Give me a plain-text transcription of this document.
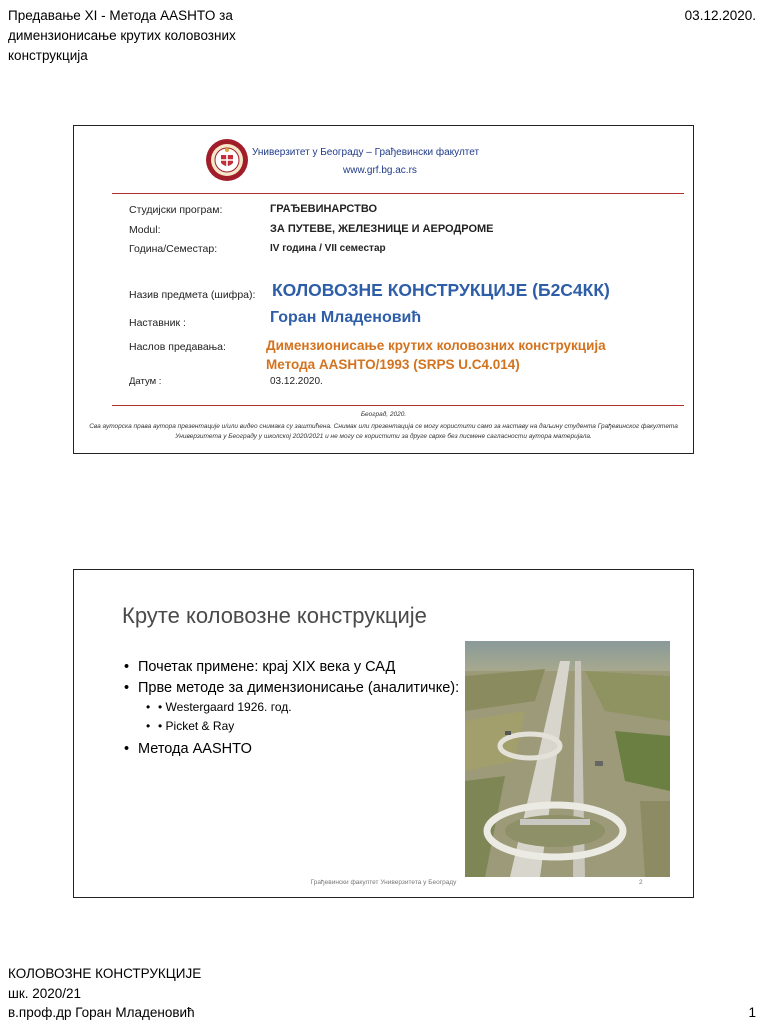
Предавање XI - Метода AASHTO за димензионисање крутих коловозних конструкција
03.12.2020.
Универзитет у Београду – Грађевински факултет
www.grf.bg.ac.rs
Студијски програм:	ГРАЂЕВИНАРСТВО
Modul:	ЗА ПУТЕВЕ, ЖЕЛЕЗНИЦЕ И АЕРОДРОМЕ
Година/Семестар:	IV година / VII семестар
Назив предмета (шифра): КОЛОВОЗНЕ КОНСТРУКЦИЈЕ (Б2С4КК)
Наставник :	Горан Младеновић
Наслов предавања:	Димензионисање крутих коловозних конструкција
Метода AASHTO/1993 (SRPS U.C4.014)
Датум :	03.12.2020.
Београд, 2020.
Сва ауторска права аутора презентације и/или видео снимака су заштићена. Снимак или презентација се могу користити само за наставу на даљину студента Грађевинског факултета Универзитета у Београду у школској 2020/2021 и не могу се користити за друге сврхе без писмене сагласности аутора материјала.
Круте коловозне конструкције
• Почетак примене: крај XIX века у САД
• Прве методе за димензионисање (аналитичке):
• • Westergaard 1926. год.
• • Picket & Ray
• Метода AASHTO
Грађевински факултет Универзитета у Београду	2
КОЛОВОЗНЕ КОНСТРУКЦИЈЕ
шк. 2020/21
в.проф.др Горан Младеновић	1
